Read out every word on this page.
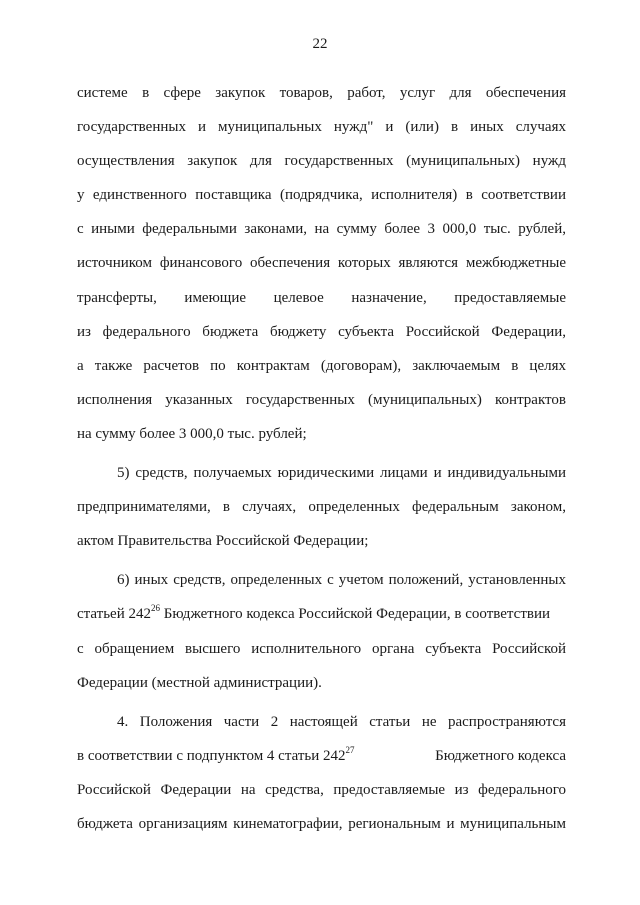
22
системе в сфере закупок товаров, работ, услуг для обеспечения
государственных и муниципальных нужд" и (или) в иных случаях
осуществления закупок для государственных (муниципальных) нужд
у единственного поставщика (подрядчика, исполнителя) в соответствии
с иными федеральными законами, на сумму более 3 000,0 тыс. рублей,
источником финансового обеспечения которых являются межбюджетные
трансферты, имеющие целевое назначение, предоставляемые
из федерального бюджета бюджету субъекта Российской Федерации,
а также расчетов по контрактам (договорам), заключаемым в целях
исполнения указанных государственных (муниципальных) контрактов
на сумму более 3 000,0 тыс. рублей;
5) средств, получаемых юридическими лицами и индивидуальными
предпринимателями, в случаях, определенных федеральным законом,
актом Правительства Российской Федерации;
6) иных средств, определенных с учетом положений, установленных
статьей $242^{26}$ Бюджетного кодекса Российской Федерации, в соответствии
с обращением высшего исполнительного органа субъекта Российской
Федерации (местной администрации).
4. Положения части 2 настоящей статьи не распространяются
в соответствии с подпунктом 4 статьи $242^{27}$	Бюджетного кодекса
Российской Федерации на средства, предоставляемые из федерального
бюджета организациям кинематографии, региональным и муниципальным
